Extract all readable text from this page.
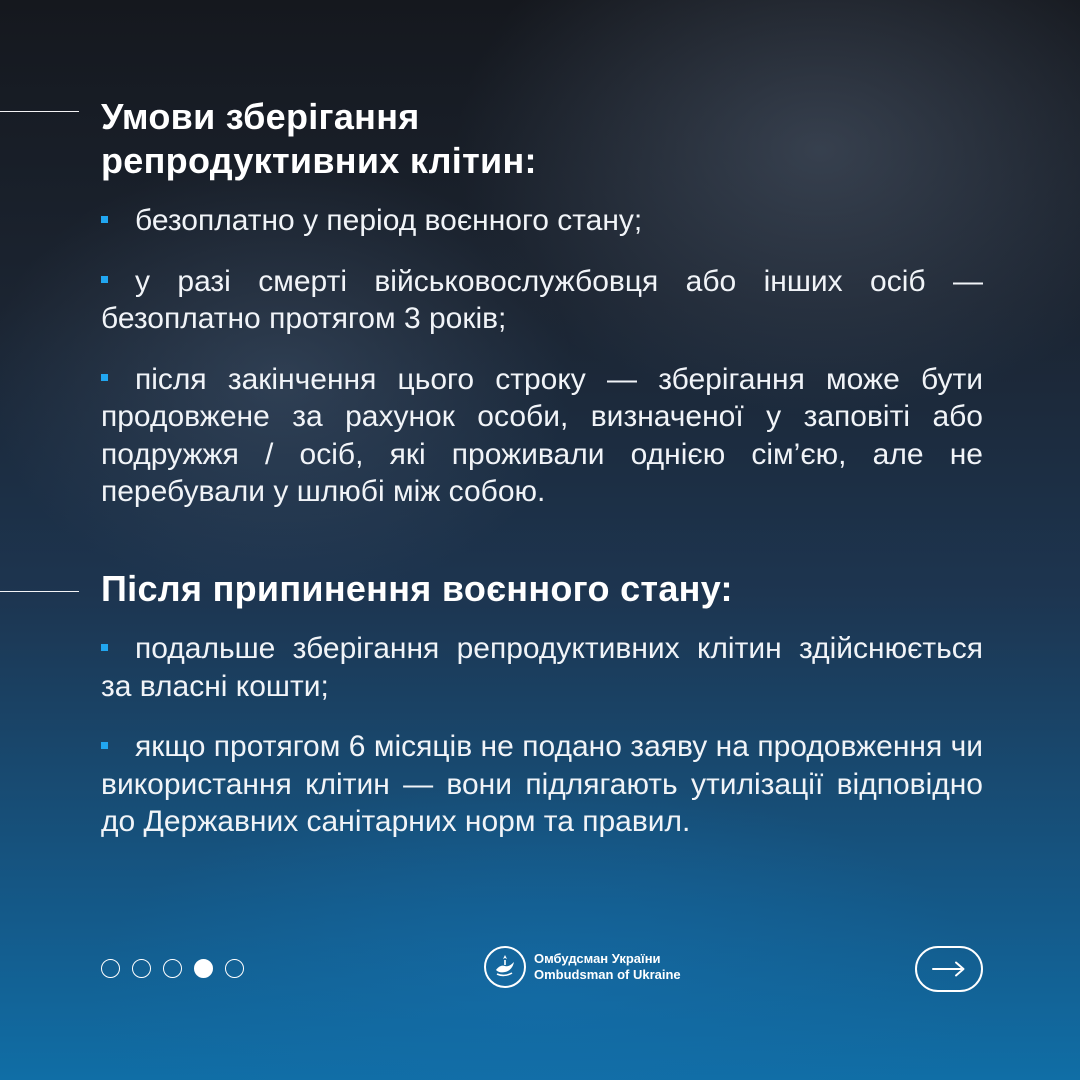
Умови зберігання
репродуктивних клітин:

безоплатно у період воєнного стану;

у разі смерті військовослужбовця або інших осіб — безоплатно протягом 3 років;

після закінчення цього строку — зберігання може бути продовжене за рахунок особи, визначеної у заповіті або подружжя / осіб, які проживали однією сім’єю, але не перебували у шлюбі між собою.

Після припинення воєнного стану:

подальше зберігання репродуктивних клітин здійснюється за власні кошти;

якщо протягом 6 місяців не подано заяву на продовження чи використання клітин — вони підлягають утилізації відповідно до Державних санітарних норм та правил.

Омбудсман України
Ombudsman of Ukraine
